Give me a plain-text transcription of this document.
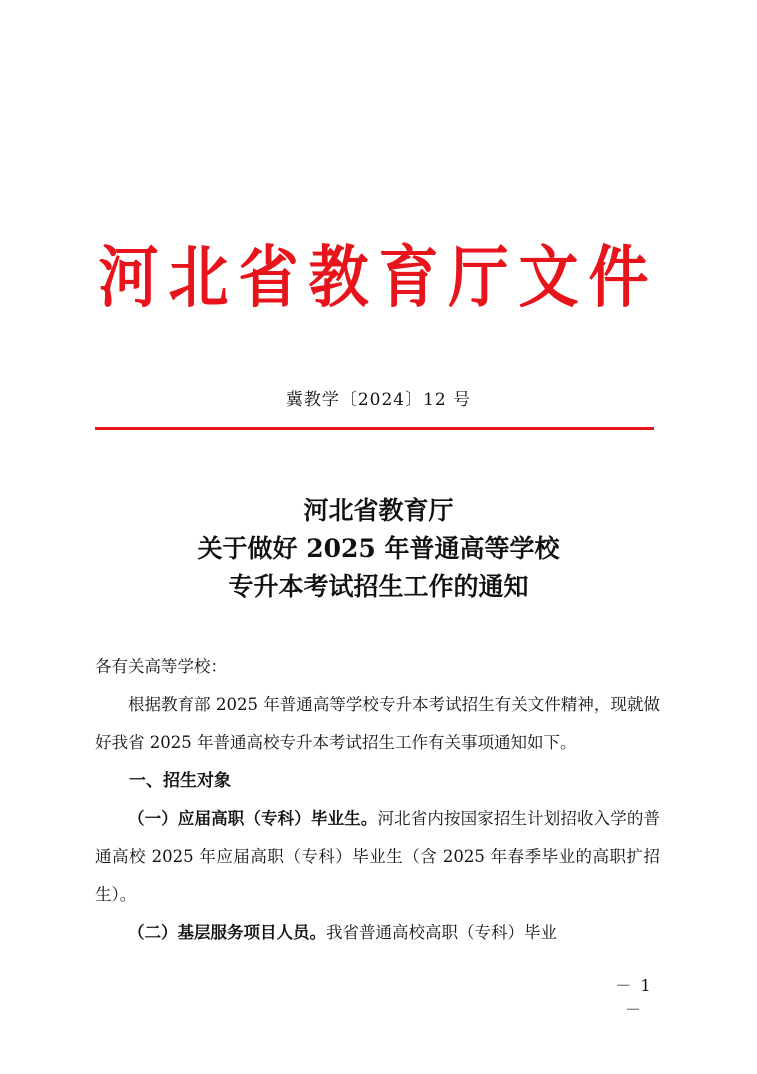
河北省教育厅文件
冀教学〔2024〕12 号
河北省教育厅
关于做好 2025 年普通高等学校
专升本考试招生工作的通知

各有关高等学校：

根据教育部 2025 年普通高等学校专升本考试招生有关文件精神，现就做好我省 2025 年普通高校专升本考试招生工作有关事项通知如下。

一、招生对象

（一）应届高职（专科）毕业生。河北省内按国家招生计划招收入学的普通高校 2025 年应届高职（专科）毕业生（含 2025 年春季毕业的高职扩招生）。

（二）基层服务项目人员。我省普通高校高职（专科）毕业

－ 1 －
